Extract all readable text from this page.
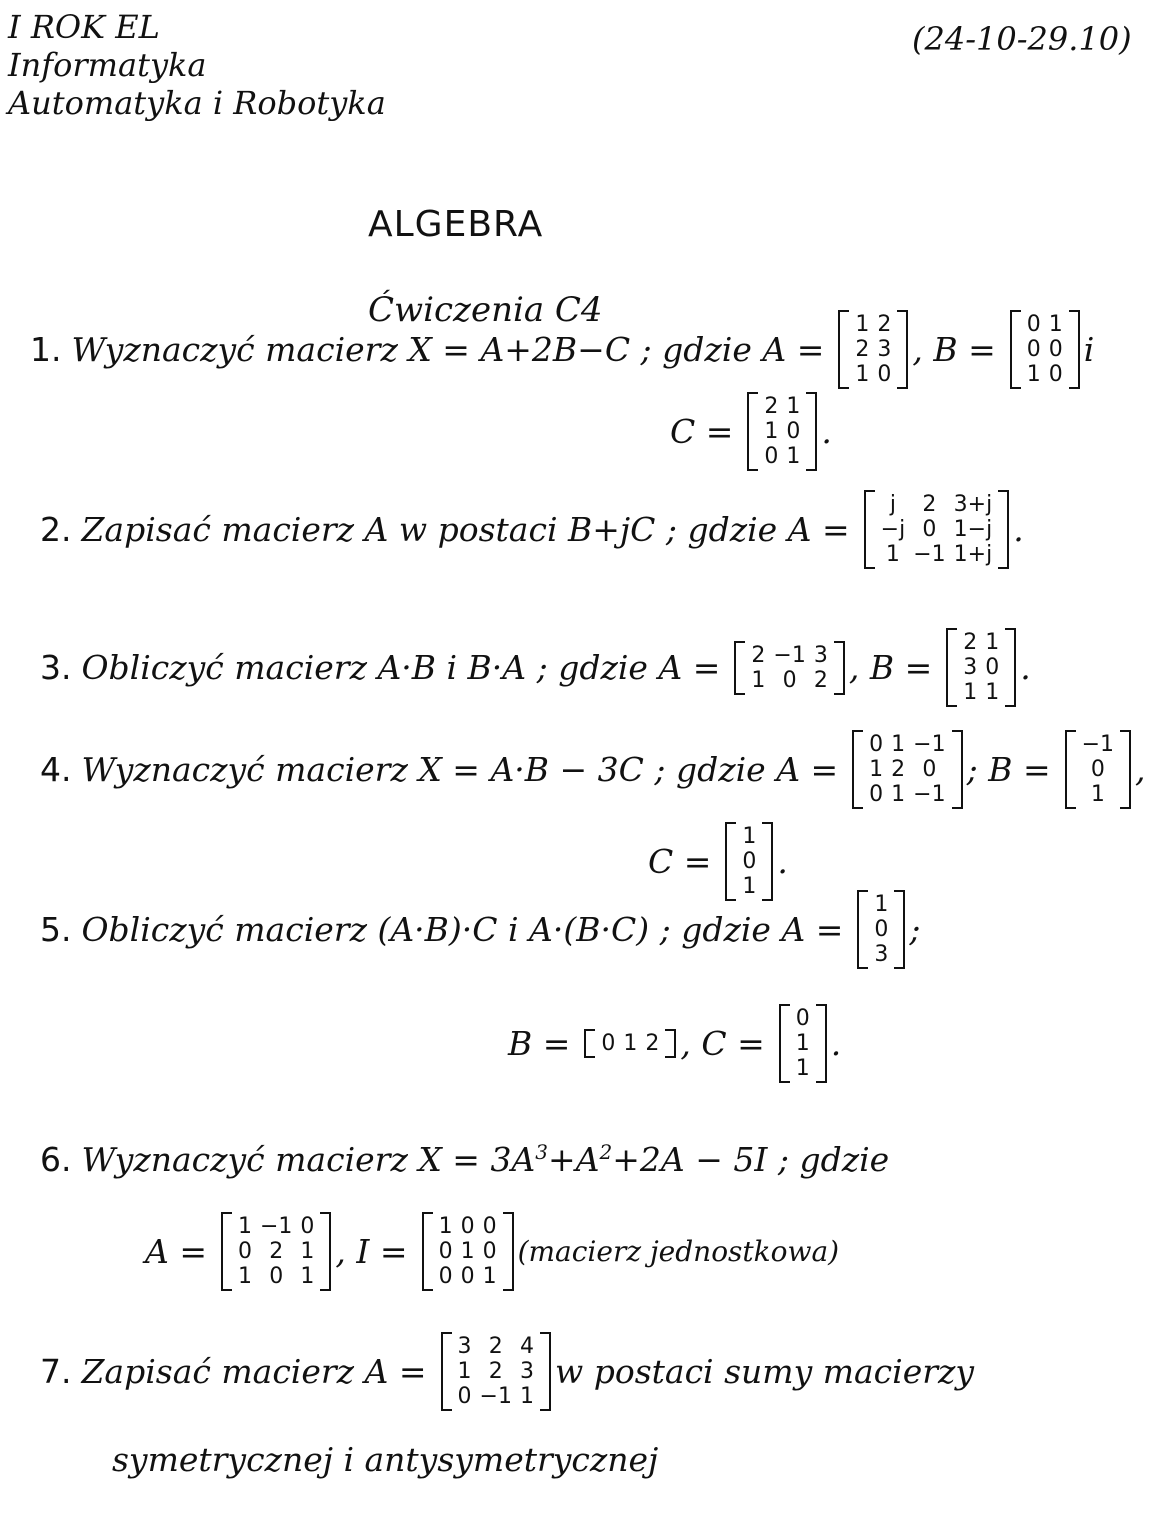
I ROK EL
Informatyka
Automatyka i Robotyka
(24-10-29.10)
ALGEBRA
Ćwiczenia C4
1. Wyznaczyć macierz X = A+2B−C ; gdzie A =
1 2
2 3
1 0
, B =
0 1
0 0
1 0
i
C =
2 1
1 0
0 1
.
2. Zapisać macierz A w postaci B+jC ; gdzie A =
j	2 3+j
−j 0 1−j
1 −1 1+j
.
3. Obliczyć macierz A·B i B·A ; gdzie A = 2 −1 3
1 0 2 , B =
2 1
3 0
1 1
.
4. Wyznaczyć macierz X = A·B − 3C ; gdzie A =
0 1 −1
1 2 0
0 1 −1
; B =
−1
0
1
,
C =
1
0
1
.
5. Obliczyć macierz (A·B)·C i A·(B·C) ; gdzie A =
1
0
3
;
B = 0 1 2 , C =
0
1
1
.
6. Wyznaczyć macierz $X = 3A^3+A^2+2A - 5I$ ; gdzie
A =
1 −1 0
0 2 1
1 0 1
, I =
1 0 0
0 1 0
0 0 1
(macierz jednostkowa)
7. Zapisać macierz A =
3 2 4
1 2 3
0 −1 1
w postaci sumy macierzy
symetrycznej i antysymetrycznej
